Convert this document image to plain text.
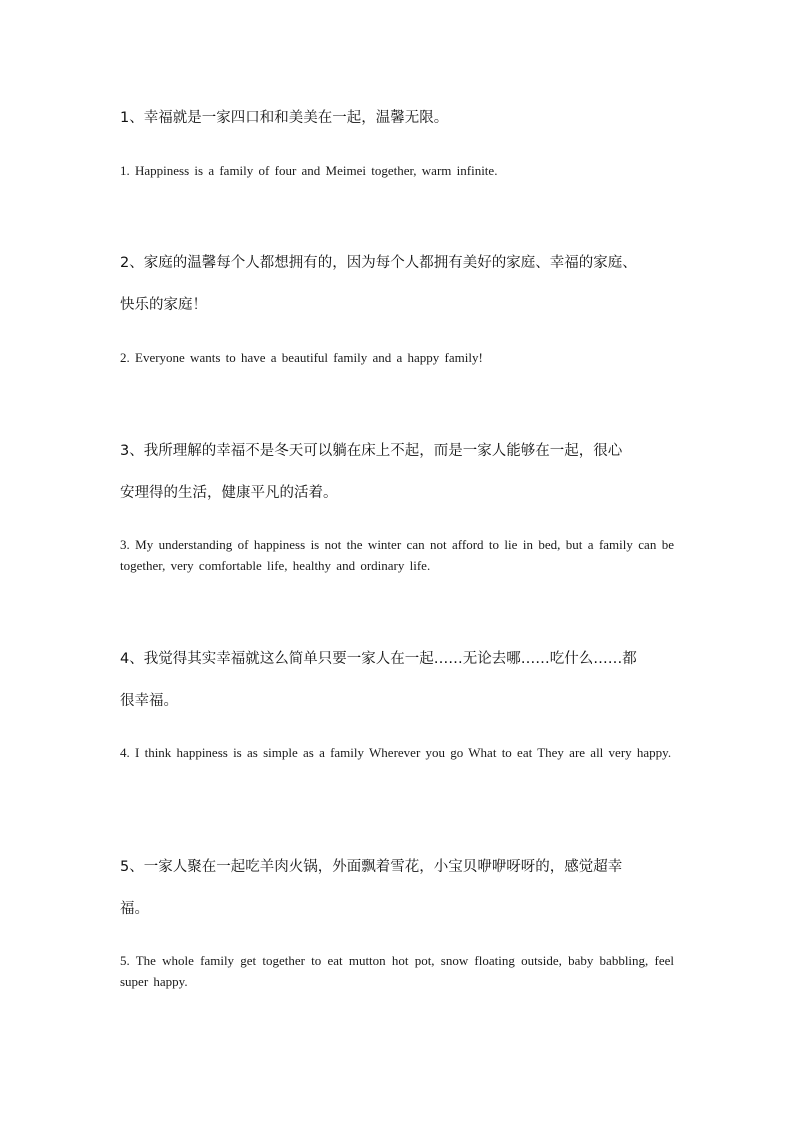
1、幸福就是一家四口和和美美在一起，温馨无限。
1. Happiness is a family of four and Meimei together, warm infinite.
2、家庭的温馨每个人都想拥有的，因为每个人都拥有美好的家庭、幸福的家庭、
快乐的家庭！
2. Everyone wants to have a beautiful family and a happy family!
3、我所理解的幸福不是冬天可以躺在床上不起，而是一家人能够在一起，很心
安理得的生活，健康平凡的活着。
3. My understanding of happiness is not the winter can not afford to lie in bed, but a family can be together, very comfortable life, healthy and ordinary life.
4、我觉得其实幸福就这么简单只要一家人在一起……无论去哪……吃什么……都
很幸福。
4. I think happiness is as simple as a family Wherever you go What to eat They are all very happy.
5、一家人聚在一起吃羊肉火锅，外面飘着雪花，小宝贝咿咿呀呀的，感觉超幸
福。
5. The whole family get together to eat mutton hot pot, snow floating outside, baby babbling, feel super happy.
